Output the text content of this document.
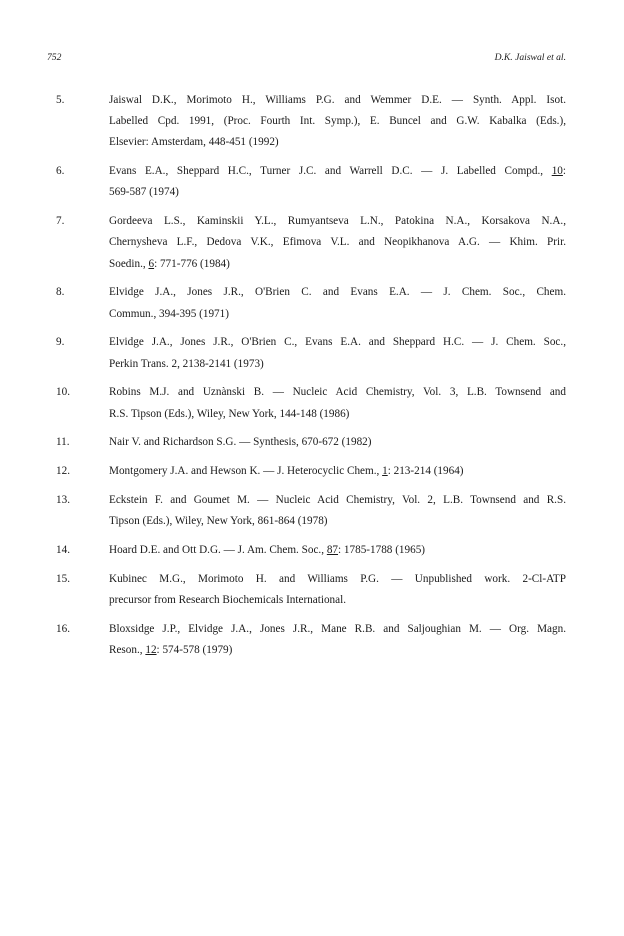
752	D.K. Jaiswal et al.
5.	Jaiswal D.K., Morimoto H., Williams P.G. and Wemmer D.E. — Synth. Appl. Isot.
Labelled Cpd. 1991, (Proc. Fourth Int. Symp.), E. Buncel and G.W. Kabalka (Eds.),
Elsevier: Amsterdam, 448-451 (1992)
6.	Evans E.A., Sheppard H.C., Turner J.C. and Warrell D.C. — J. Labelled Compd., 10:
569-587 (1974)
7.	Gordeeva L.S., Kaminskii Y.L., Rumyantseva L.N., Patokina N.A., Korsakova N.A.,
Chernysheva L.F., Dedova V.K., Efimova V.L. and Neopikhanova A.G. — Khim. Prir.
Soedin., 6: 771-776 (1984)
8.	Elvidge J.A., Jones J.R., O'Brien C. and Evans E.A. — J. Chem. Soc., Chem.
Commun., 394-395 (1971)
9.	Elvidge J.A., Jones J.R., O'Brien C., Evans E.A. and Sheppard H.C. — J. Chem. Soc.,
Perkin Trans. 2, 2138-2141 (1973)
10.	Robins M.J. and Uznànski B. — Nucleic Acid Chemistry, Vol. 3, L.B. Townsend and
R.S. Tipson (Eds.), Wiley, New York, 144-148 (1986)
11.	Nair V. and Richardson S.G. — Synthesis, 670-672 (1982)
12.	Montgomery J.A. and Hewson K. — J. Heterocyclic Chem., 1: 213-214 (1964)
13.	Eckstein F. and Goumet M. — Nucleic Acid Chemistry, Vol. 2, L.B. Townsend and R.S.
Tipson (Eds.), Wiley, New York, 861-864 (1978)
14.	Hoard D.E. and Ott D.G. — J. Am. Chem. Soc., 87: 1785-1788 (1965)
15.	Kubinec M.G., Morimoto H. and Williams P.G. — Unpublished work. 2-Cl-ATP
precursor from Research Biochemicals International.
16.	Bloxsidge J.P., Elvidge J.A., Jones J.R., Mane R.B. and Saljoughian M. — Org. Magn.
Reson., 12: 574-578 (1979)
